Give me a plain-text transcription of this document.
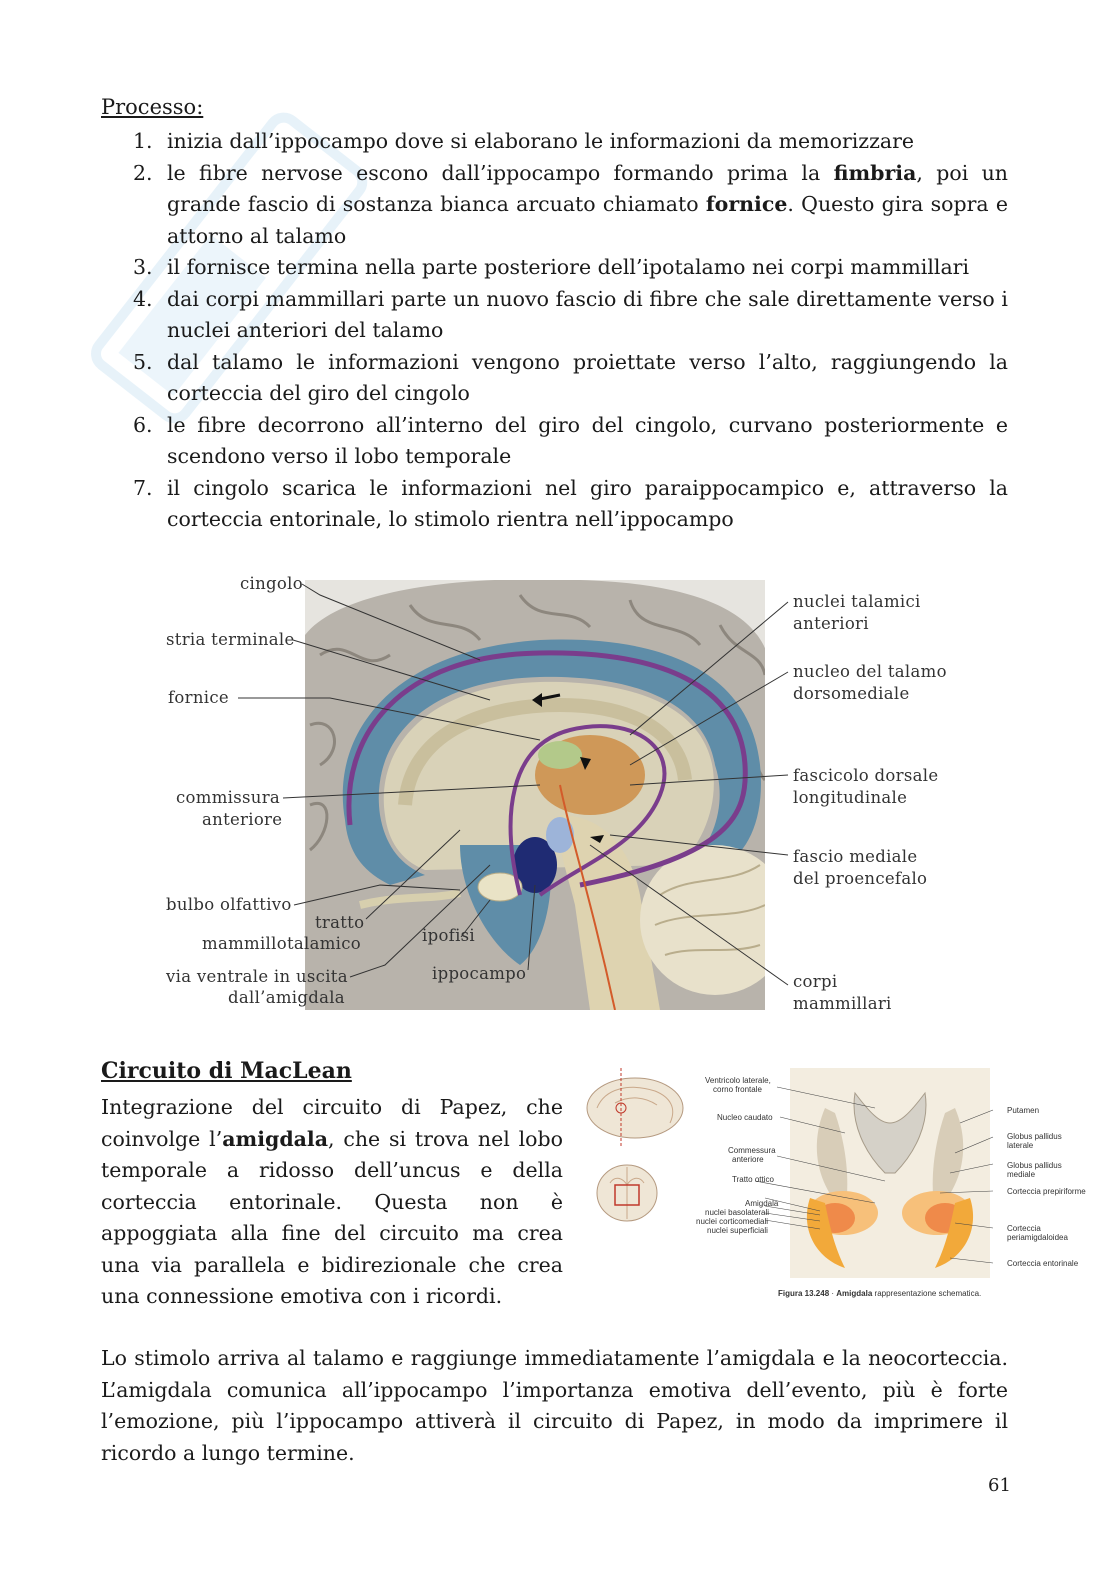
Processo:
1. inizia dall’ippocampo dove si elaborano le informazioni da memorizzare
2. le fibre nervose escono dall’ippocampo formando prima la fimbria, poi un grande fascio di sostanza bianca arcuato chiamato fornice. Questo gira sopra e attorno al talamo
3. il fornisce termina nella parte posteriore dell’ipotalamo nei corpi mammillari
4. dai corpi mammillari parte un nuovo fascio di fibre che sale direttamente verso i nuclei anteriori del talamo
5. dal talamo le informazioni vengono proiettate verso l’alto, raggiungendo la corteccia del giro del cingolo
6. le fibre decorrono all’interno del giro del cingolo, curvano posteriormente e scendono verso il lobo temporale
7. il cingolo scarica le informazioni nel giro paraippocampico e, attraverso la corteccia entorinale, lo stimolo rientra nell’ippocampo
cingolo
stria terminale
fornice
commissura
anteriore
bulbo olfattivo
tratto
mammillotalamico
via ventrale in uscita
dall’amigdala
ipofisi
ippocampo
nuclei talamici
anteriori
nucleo del talamo
dorsomediale
fascicolo dorsale
longitudinale
fascio mediale
del proencefalo
corpi
mammillari
Circuito di MacLean
Integrazione del circuito di Papez, che coinvolge l’amigdala, che si trova nel lobo temporale a ridosso dell’uncus e della corteccia entorinale. Questa non è appoggiata alla fine del circuito ma crea una via parallela e bidirezionale che crea una connessione emotiva con i ricordi.
Ventricolo laterale,
corno frontale
Nucleo caudato
Commessura
anteriore
Tratto ottico
Amigdala
nuclei basolaterali
nuclei corticomediali
nuclei superficiali
Putamen
Globus pallidus
laterale
Globus pallidus
mediale
Corteccia prepiriforme
Corteccia
periamigdaloidea
Corteccia entorinale
Figura 13.248 · Amigdala rappresentazione schematica.
Lo stimolo arriva al talamo e raggiunge immediatamente l’amigdala e la neocorteccia. L’amigdala comunica all’ippocampo l’importanza emotiva dell’evento, più è forte l’emozione, più l’ippocampo attiverà il circuito di Papez, in modo da imprimere il ricordo a lungo termine.
61
